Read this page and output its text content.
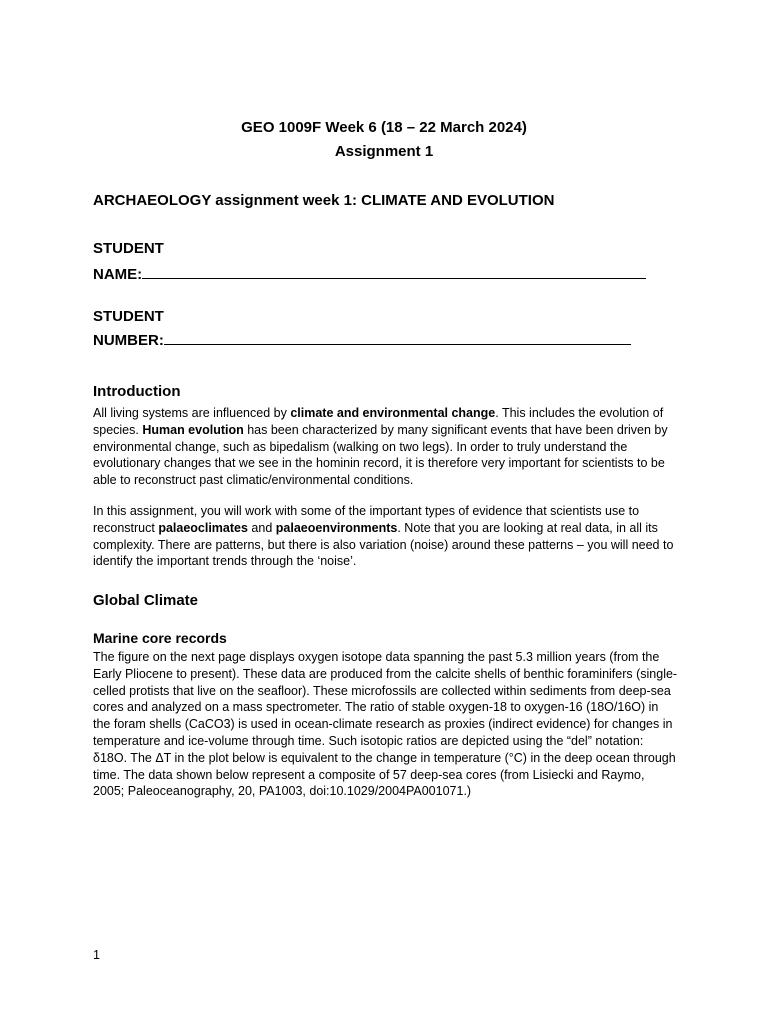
GEO 1009F Week 6 (18 – 22 March 2024)
Assignment 1
ARCHAEOLOGY assignment week 1: CLIMATE AND EVOLUTION
STUDENT
NAME:
STUDENT
NUMBER:
Introduction

All living systems are influenced by climate and environmental change. This includes the evolution of species. Human evolution has been characterized by many significant events that have been driven by environmental change, such as bipedalism (walking on two legs). In order to truly understand the evolutionary changes that we see in the hominin record, it is therefore very important for scientists to be able to reconstruct past climatic/environmental conditions.

In this assignment, you will work with some of the important types of evidence that scientists use to reconstruct palaeoclimates and palaeoenvironments. Note that you are looking at real data, in all its complexity. There are patterns, but there is also variation (noise) around these patterns – you will need to identify the important trends through the ‘noise’.

Global Climate
Marine core records

The figure on the next page displays oxygen isotope data spanning the past 5.3 million years (from the Early Pliocene to present). These data are produced from the calcite shells of benthic foraminifers (single-celled protists that live on the seafloor). These microfossils are collected within sediments from deep-sea cores and analyzed on a mass spectrometer. The ratio of stable oxygen-18 to oxygen-16 (18O/16O) in the foram shells (CaCO3) is used in ocean-climate research as proxies (indirect evidence) for changes in temperature and ice-volume through time. Such isotopic ratios are depicted using the “del” notation: δ18O. The ΔT in the plot below is equivalent to the change in temperature (°C) in the deep ocean through time. The data shown below represent a composite of 57 deep-sea cores (from Lisiecki and Raymo, 2005; Paleoceanography, 20, PA1003, doi:10.1029/2004PA001071.)

1
